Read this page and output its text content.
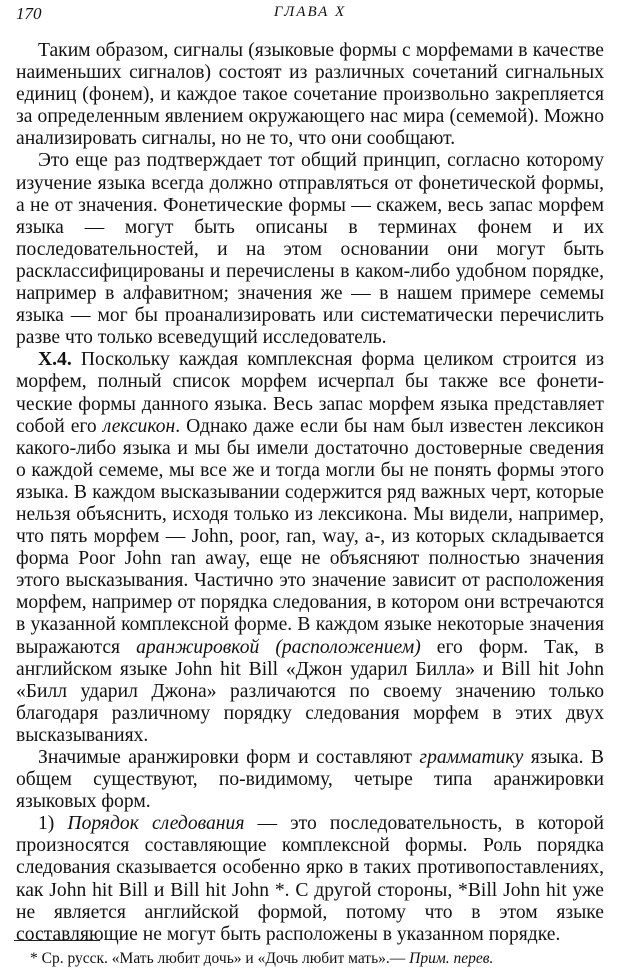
170	ГЛАВА X

Таким образом, сигналы (языковые формы с морфемами в качестве наименьших сигналов) состоят из различных сочетаний сигнальных единиц (фонем), и каждое такое сочетание произвольно закрепляется за определенным явлением окружающего нас мира (семемой). Можно анализировать сигналы, но не то, что они сообщают.

Это еще раз подтверждает тот общий принцип, согласно которому изучение языка всегда должно отправляться от фонетической формы, а не от значения. Фонетические формы — скажем, весь запас морфем языка — могут быть описаны в терминах фонем и их последовательностей, и на этом основании они могут быть расклассифицированы и перечислены в каком-либо удобном порядке, например в алфавитном; значения же — в нашем примере семемы языка — мог бы проанализировать или систематически перечислить разве что только всеведущий исследователь.

X.4. Поскольку каждая комплексная форма целиком строится из морфем, полный список морфем исчерпал бы также все фонетические формы данного языка. Весь запас морфем языка представляет собой его лексикон. Однако даже если бы нам был известен лексикон какого-либо языка и мы бы имели достаточно достоверные сведения о каждой семеме, мы все же и тогда могли бы не понять формы этого языка. В каждом высказывании содержится ряд важных черт, которые нельзя объяснить, исходя только из лексикона. Мы видели, например, что пять морфем — John, poor, ran, way, a-, из которых складывается форма Poor John ran away, еще не объясняют полностью значения этого высказывания. Частично это значение зависит от расположения морфем, например от порядка следования, в котором они встречаются в указанной комплексной форме. В каждом языке некоторые значения выражаются аранжировкой (расположением) его форм. Так, в английском языке John hit Bill «Джон ударил Билла» и Bill hit John «Билл ударил Джона» различаются по своему значению только благодаря различному порядку следования морфем в этих двух высказываниях.

Значимые аранжировки форм и составляют грамматику языка. В общем существуют, по-видимому, четыре типа аранжировки языковых форм.

1) Порядок следования — это последовательность, в которой произносятся составляющие комплексной формы. Роль порядка следования сказывается особенно ярко в таких противопоставлениях, как John hit Bill и Bill hit John *. С другой стороны, *Bill John hit уже не является английской формой, потому что в этом языке составляющие не могут быть расположены в указанном порядке.

* Ср. русск. «Мать любит дочь» и «Дочь любит мать».— Прим. перев.
